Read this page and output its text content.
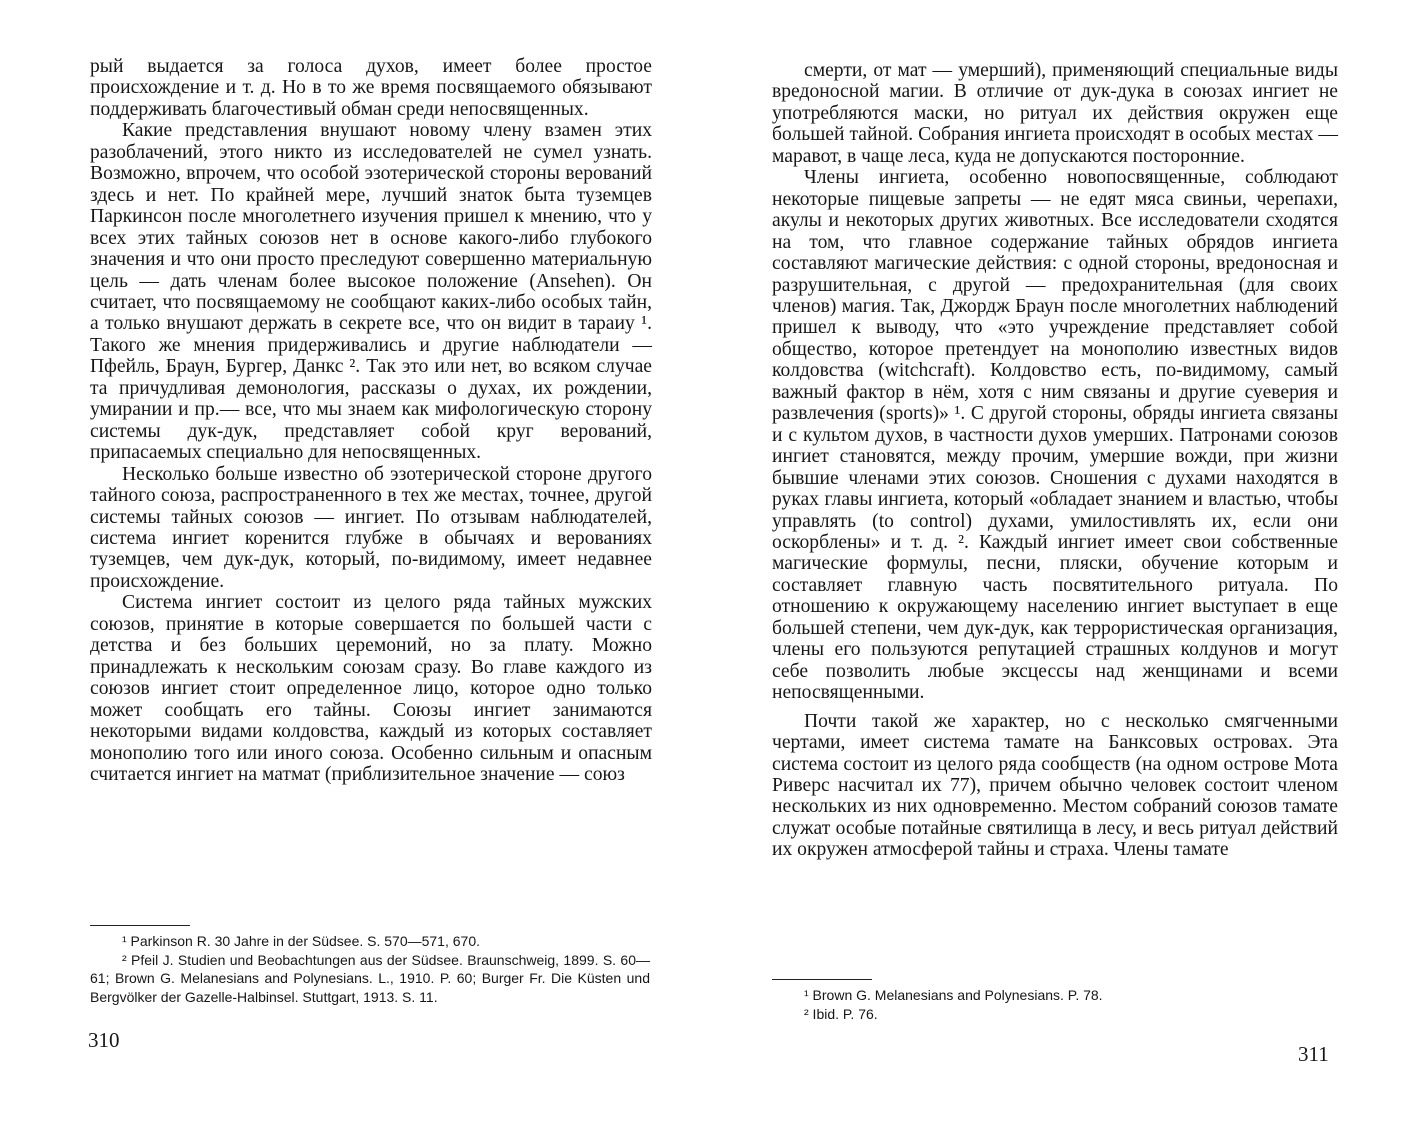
рый выдается за голоса духов, имеет более простое происхождение и т. д. Но в то же время посвящаемого обязывают поддерживать благочестивый обман среди непосвященных.

Какие представления внушают новому члену взамен этих разоблачений, этого никто из исследователей не сумел узнать. Возможно, впрочем, что особой эзотерической стороны верований здесь и нет. По крайней мере, лучший знаток быта туземцев Паркинсон после многолетнего изучения пришел к мнению, что у всех этих тайных союзов нет в основе какого-либо глубокого значения и что они просто преследуют совершенно материальную цель — дать членам более высокое положение (Ansehen). Он считает, что посвящаемому не сообщают каких-либо особых тайн, а только внушают держать в секрете все, что он видит в тараиу ¹. Такого же мнения придерживались и другие наблюдатели — Пфейль, Браун, Бургер, Данкс ². Так это или нет, во всяком случае та причудливая демонология, рассказы о духах, их рождении, умирании и пр.— все, что мы знаем как мифологическую сторону системы дук-дук, представляет собой круг верований, припасаемых специально для непосвященных.

Несколько больше известно об эзотерической стороне другого тайного союза, распространенного в тех же местах, точнее, другой системы тайных союзов — ингиет. По отзывам наблюдателей, система ингиет коренится глубже в обычаях и верованиях туземцев, чем дук-дук, который, по-видимому, имеет недавнее происхождение.

Система ингиет состоит из целого ряда тайных мужских союзов, принятие в которые совершается по большей части с детства и без больших церемоний, но за плату. Можно принадлежать к нескольким союзам сразу. Во главе каждого из союзов ингиет стоит определенное лицо, которое одно только может сообщать его тайны. Союзы ингиет занимаются некоторыми видами колдовства, каждый из которых составляет монополию того или иного союза. Особенно сильным и опасным считается ингиет на матмат (приблизительное значение — союз

¹ Parkinson R. 30 Jahre in der Südsee. S. 570—571, 670.

² Pfeil J. Studien und Beobachtungen aus der Südsee. Braunschweig, 1899. S. 60—61; Brown G. Melanesians and Polynesians. L., 1910. P. 60; Burger Fr. Die Küsten und Bergvölker der Gazelle-Halbinsel. Stuttgart, 1913. S. 11.

310

смерти, от мат — умерший), применяющий специальные виды вредоносной магии. В отличие от дук-дука в союзах ингиет не употребляются маски, но ритуал их действия окружен еще большей тайной. Собрания ингиета происходят в особых местах — маравот, в чаще леса, куда не допускаются посторонние.

Члены ингиета, особенно новопосвященные, соблюдают некоторые пищевые запреты — не едят мяса свиньи, черепахи, акулы и некоторых других животных. Все исследователи сходятся на том, что главное содержание тайных обрядов ингиета составляют магические действия: с одной стороны, вредоносная и разрушительная, с другой — предохранительная (для своих членов) магия. Так, Джордж Браун после многолетних наблюдений пришел к выводу, что «это учреждение представляет собой общество, которое претендует на монополию известных видов колдовства (witchcraft). Колдовство есть, по-видимому, самый важный фактор в нём, хотя с ним связаны и другие суеверия и развлечения (sports)» ¹. С другой стороны, обряды ингиета связаны и с культом духов, в частности духов умерших. Патронами союзов ингиет становятся, между прочим, умершие вожди, при жизни бывшие членами этих союзов. Сношения с духами находятся в руках главы ингиета, который «обладает знанием и властью, чтобы управлять (to control) духами, умилостивлять их, если они оскорблены» и т. д. ². Каждый ингиет имеет свои собственные магические формулы, песни, пляски, обучение которым и составляет главную часть посвятительного ритуала. По отношению к окружающему населению ингиет выступает в еще большей степени, чем дук-дук, как террористическая организация, члены его пользуются репутацией страшных колдунов и могут себе позволить любые эксцессы над женщинами и всеми непосвященными.

Почти такой же характер, но с несколько смягченными чертами, имеет система тамате на Банксовых островах. Эта система состоит из целого ряда сообществ (на одном острове Мота Риверс насчитал их 77), причем обычно человек состоит членом нескольких из них одновременно. Местом собраний союзов тамате служат особые потайные святилища в лесу, и весь ритуал действий их окружен атмосферой тайны и страха. Члены тамате

¹ Brown G. Melanesians and Polynesians. P. 78.

² Ibid. P. 76.

311
